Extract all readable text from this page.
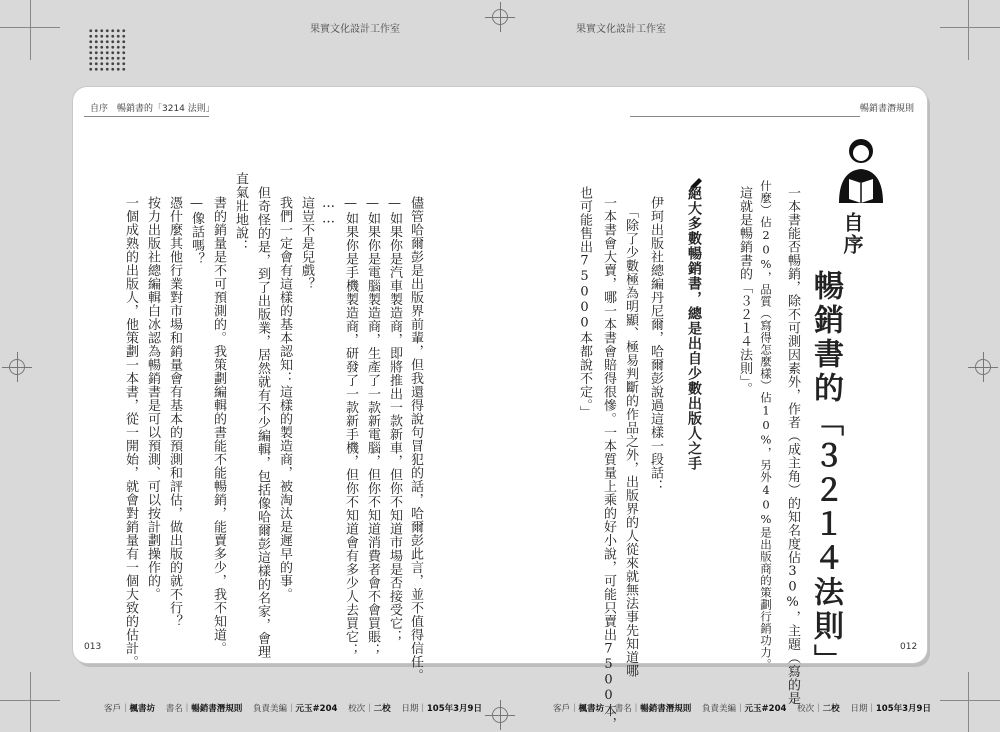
果實文化設計工作室	果實文化設計工作室
自序　暢銷書的「3214 法則」	暢銷書潛規則
自序
暢銷書的「３２１４法則」
一本書能否暢銷，除不可測因素外，作者（成主角）的知名度佔30%，主題（寫的是
什麼）佔20%，品質（寫得怎麼樣）佔10%，另外40%是出版商的策劃行銷功力。
這就是暢銷書的「３２１４法則」。
絕大多數暢銷書，總是出自少數出版人之手
伊珂出版社總編丹尼爾，哈爾彭說過這樣一段話：
「除了少數極為明顯、極易判斷的作品之外，出版界的人從來就無法事先知道哪
一本書會大賣，哪一本書會賠得很慘。一本質量上乘的好小說，可能只賣出7500本，
也可能售出75000本都說不定。」
儘管哈爾彭是出版界前輩，但我還得說句冒犯的話，哈爾彭此言，並不值得信任。
—如果你是汽車製造商，即將推出一款新車，但你不知道市場是否接受它；
—如果你是電腦製造商，生產了一款新電腦，但你不知道消費者會不會買賬；
—如果你是手機製造商，研發了一款新手機，但你不知道會有多少人去買它；
……
這豈不是兒戲？
我們一定會有這樣的基本認知：這樣的製造商，被淘汰是遲早的事。
但奇怪的是，到了出版業，居然就有不少編輯，包括像哈爾彭這樣的名家，會理
直氣壯地說：
書的銷量是不可預測的。我策劃編輯的書能不能暢銷，能賣多少，我不知道。
—像話嗎？
憑什麼其他行業對市場和銷量會有基本的預測和評估，做出版的就不行？
按力出版社總編輯白冰認為暢銷書是可以預測、可以按計劃操作的。
一個成熟的出版人，他策劃一本書，從一開始，就會對銷量有一個大致的估計。
013	012
客戶｜楓書坊 書名｜暢銷書潛規則 負責美編｜元玉#204 校次｜二校 日期｜105年3月9日	客戶｜楓書坊 書名｜暢銷書潛規則 負責美編｜元玉#204 校次｜二校 日期｜105年3月9日
